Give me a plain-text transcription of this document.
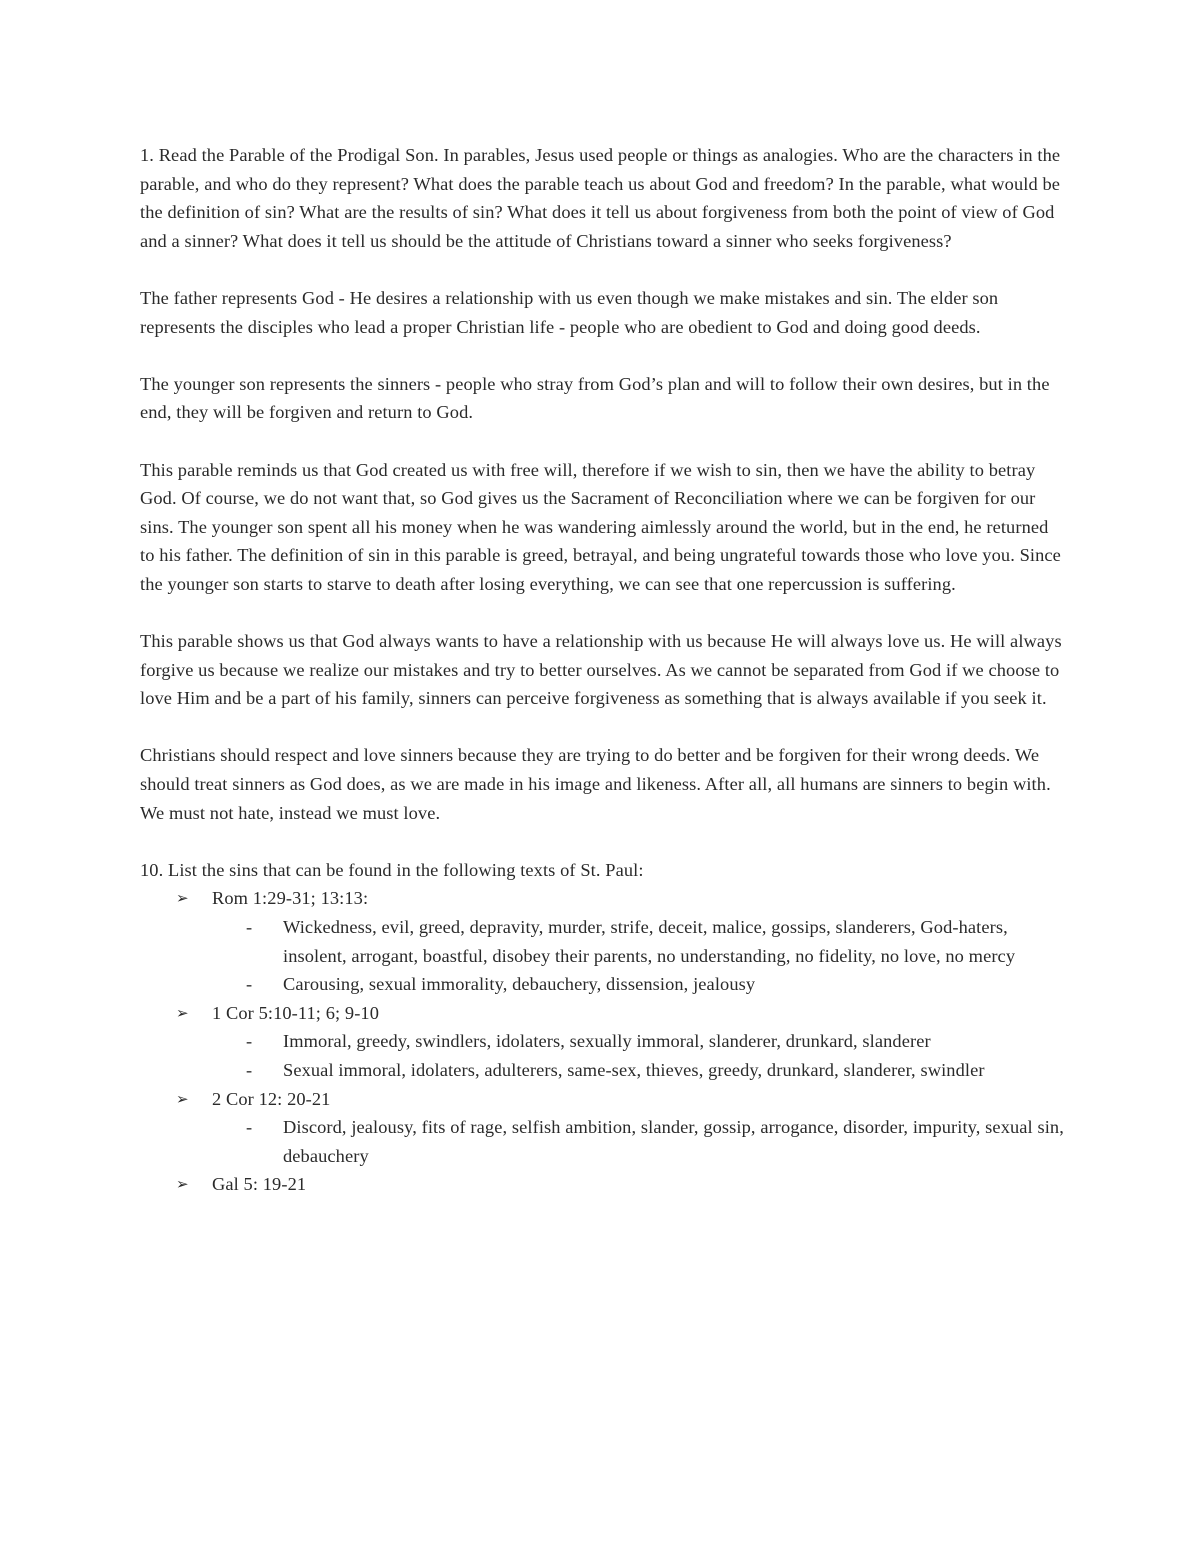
1. Read the Parable of the Prodigal Son. In parables, Jesus used people or things as analogies. Who are the characters in the parable, and who do they represent? What does the parable teach us about God and freedom? In the parable, what would be the definition of sin? What are the results of sin? What does it tell us about forgiveness from both the point of view of God and a sinner? What does it tell us should be the attitude of Christians toward a sinner who seeks forgiveness?

The father represents God - He desires a relationship with us even though we make mistakes and sin. The elder son represents the disciples who lead a proper Christian life - people who are obedient to God and doing good deeds.

The younger son represents the sinners - people who stray from God’s plan and will to follow their own desires, but in the end, they will be forgiven and return to God.

This parable reminds us that God created us with free will, therefore if we wish to sin, then we have the ability to betray God. Of course, we do not want that, so God gives us the Sacrament of Reconciliation where we can be forgiven for our sins. The younger son spent all his money when he was wandering aimlessly around the world, but in the end, he returned to his father. The definition of sin in this parable is greed, betrayal, and being ungrateful towards those who love you. Since the younger son starts to starve to death after losing everything, we can see that one repercussion is suffering.

This parable shows us that God always wants to have a relationship with us because He will always love us. He will always forgive us because we realize our mistakes and try to better ourselves. As we cannot be separated from God if we choose to love Him and be a part of his family, sinners can perceive forgiveness as something that is always available if you seek it.

Christians should respect and love sinners because they are trying to do better and be forgiven for their wrong deeds. We should treat sinners as God does, as we are made in his image and likeness. After all, all humans are sinners to begin with. We must not hate, instead we must love.

10. List the sins that can be found in the following texts of St. Paul:

➢	Rom 1:29-31; 13:13:
- Wickedness, evil, greed, depravity, murder, strife, deceit, malice, gossips, slanderers, God-haters, insolent, arrogant, boastful, disobey their parents, no understanding, no fidelity, no love, no mercy
- Carousing, sexual immorality, debauchery, dissension, jealousy
➢	1 Cor 5:10-11; 6; 9-10
- Immoral, greedy, swindlers, idolaters, sexually immoral, slanderer, drunkard, slanderer
- Sexual immoral, idolaters, adulterers, same-sex, thieves, greedy, drunkard, slanderer, swindler
➢	2 Cor 12: 20-21
- Discord, jealousy, fits of rage, selfish ambition, slander, gossip, arrogance, disorder, impurity, sexual sin, debauchery
➢	Gal 5: 19-21
